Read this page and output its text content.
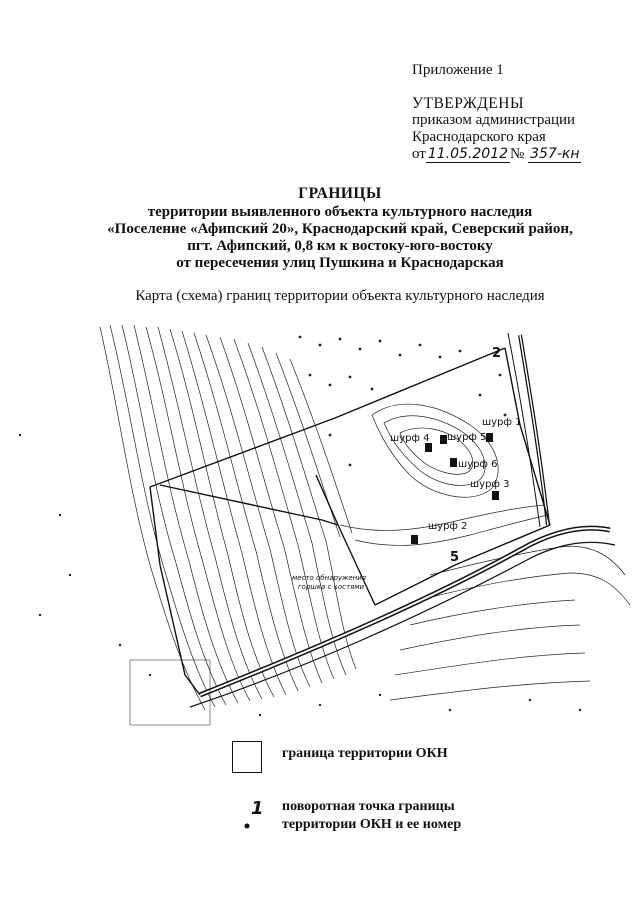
Приложение 1
УТВЕРЖДЕНЫ
приказом администрации
Краснодарского края
от 11.05.2012 № 357-кн
ГРАНИЦЫ
территории выявленного объекта культурного наследия
«Поселение «Афипский 20», Краснодарский край, Северский район,
пгт. Афипский, 0,8 км к востоку-юго-востоку
от пересечения улиц Пушкина и Краснодарская
Карта (схема) границ территории объекта культурного наследия
шурф 1
шурф 2
шурф 3
шурф 4 шурф 5
шурф 6
2
5
место обнаружения
горшка с костями
граница территории ОКН
1 поворотная точка границы
территории ОКН и ее номер
